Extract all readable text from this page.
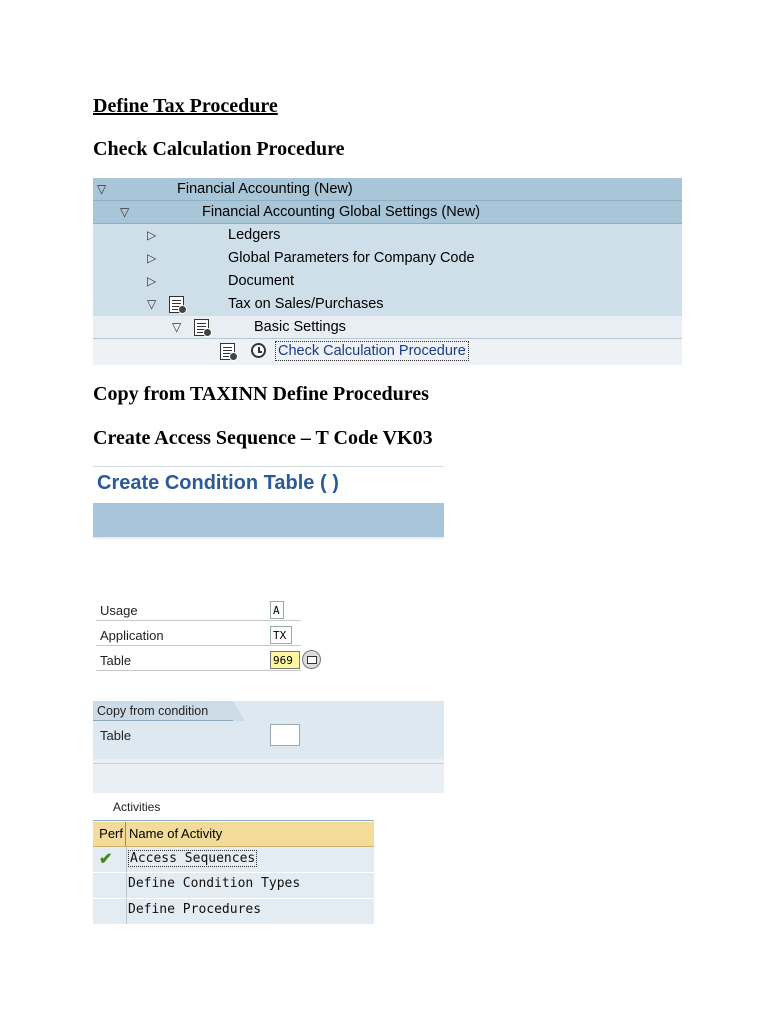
Define Tax Procedure
Check Calculation Procedure
▽	Financial Accounting (New)
▽	Financial Accounting Global Settings (New)
▷	Ledgers
▷	Global Parameters for Company Code
▷	Document
▽	Tax on Sales/Purchases
▽	Basic Settings
Check Calculation Procedure
Copy from TAXINN Define Procedures
Create Access Sequence – T Code VK03
Create Condition Table ( )
Usage	A
Application	TX
Table	969
Copy from condition
Table
Activities
Perf Name of Activity
✔ Access Sequences
Define Condition Types
Define Procedures
